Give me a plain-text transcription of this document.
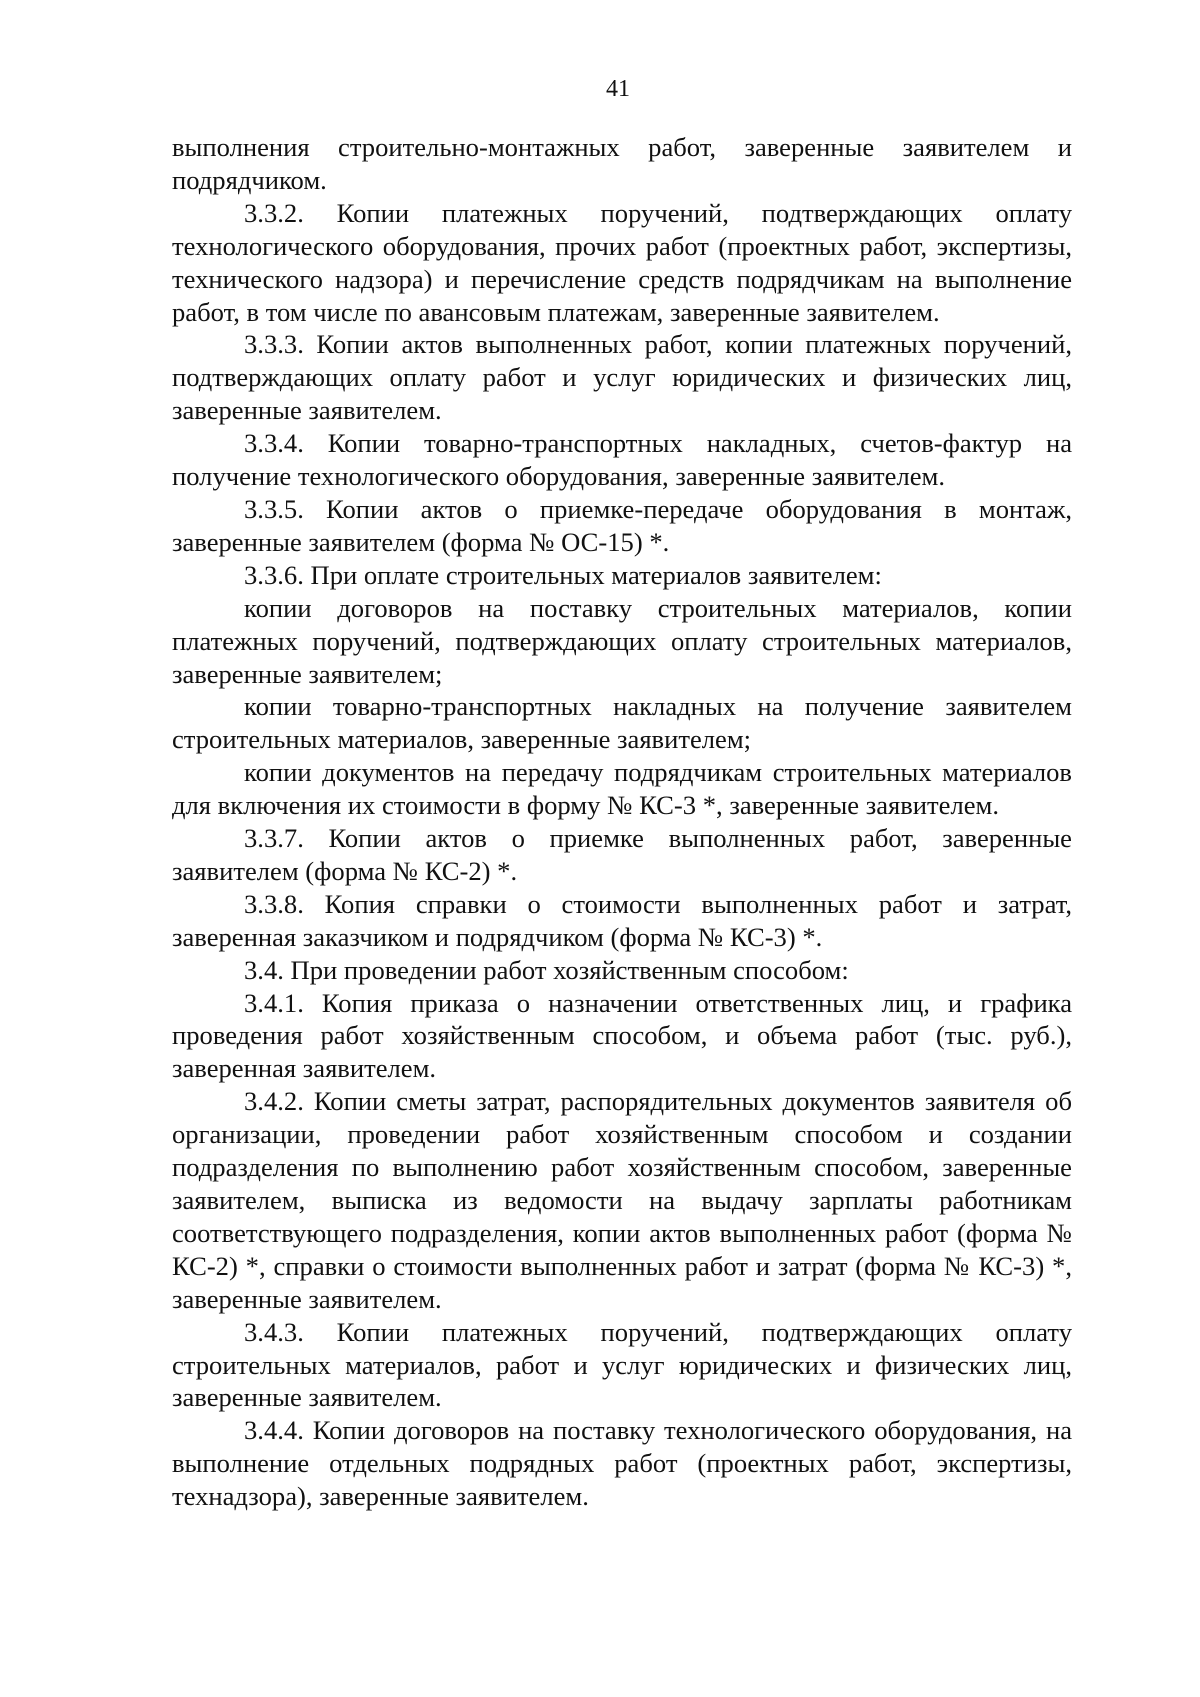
41

выполнения строительно-монтажных работ, заверенные заявителем и подрядчиком.

3.3.2. Копии платежных поручений, подтверждающих оплату технологического оборудования, прочих работ (проектных работ, экспертизы, технического надзора) и перечисление средств подрядчикам на выполнение работ, в том числе по авансовым платежам, заверенные заявителем.

3.3.3. Копии актов выполненных работ, копии платежных поручений, подтверждающих оплату работ и услуг юридических и физических лиц, заверенные заявителем.

3.3.4. Копии товарно-транспортных накладных, счетов-фактур на получение технологического оборудования, заверенные заявителем.

3.3.5. Копии актов о приемке-передаче оборудования в монтаж, заверенные заявителем (форма № ОС-15) *.

3.3.6. При оплате строительных материалов заявителем:

копии договоров на поставку строительных материалов, копии платежных поручений, подтверждающих оплату строительных материалов, заверенные заявителем;

копии товарно-транспортных накладных на получение заявителем строительных материалов, заверенные заявителем;

копии документов на передачу подрядчикам строительных материалов для включения их стоимости в форму № КС-3 *, заверенные заявителем.

3.3.7. Копии актов о приемке выполненных работ, заверенные заявителем (форма № КС-2) *.

3.3.8. Копия справки о стоимости выполненных работ и затрат, заверенная заказчиком и подрядчиком (форма № КС-3) *.

3.4. При проведении работ хозяйственным способом:

3.4.1. Копия приказа о назначении ответственных лиц, и графика проведения работ хозяйственным способом, и объема работ (тыс. руб.), заверенная заявителем.

3.4.2. Копии сметы затрат, распорядительных документов заявителя об организации, проведении работ хозяйственным способом и создании подразделения по выполнению работ хозяйственным способом, заверенные заявителем, выписка из ведомости на выдачу зарплаты работникам соответствующего подразделения, копии актов выполненных работ (форма № КС-2) *, справки о стоимости выполненных работ и затрат (форма № КС-3) *, заверенные заявителем.

3.4.3. Копии платежных поручений, подтверждающих оплату строительных материалов, работ и услуг юридических и физических лиц, заверенные заявителем.

3.4.4. Копии договоров на поставку технологического оборудования, на выполнение отдельных подрядных работ (проектных работ, экспертизы, технадзора), заверенные заявителем.
